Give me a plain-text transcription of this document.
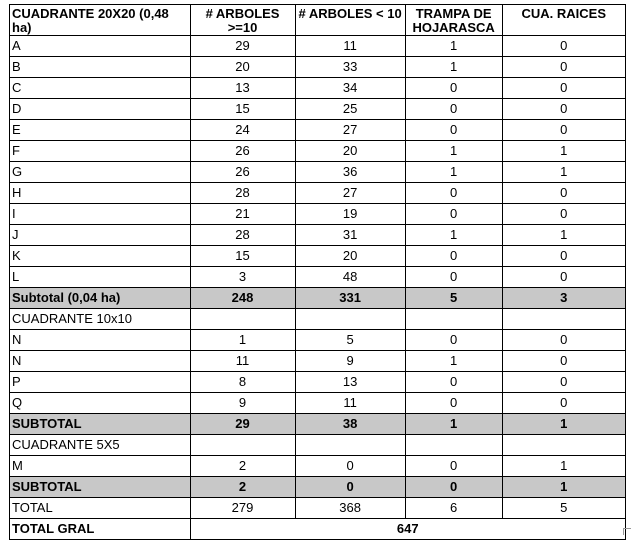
CUADRANTE 20X20 (0,48 ha)	# ARBOLES >=10	# ARBOLES < 10	TRAMPA DE HOJARASCA	CUA. RAICES
A	29	11	1	0
B	20	33	1	0
C	13	34	0	0
D	15	25	0	0
E	24	27	0	0
F	26	20	1	1
G	26	36	1	1
H	28	27	0	0
I	21	19	0	0
J	28	31	1	1
K	15	20	0	0
L	3	48	0	0
Subtotal (0,04 ha)	248	331	5	3
CUADRANTE 10x10				
N	1	5	0	0
N	11	9	1	0
P	8	13	0	0
Q	9	11	0	0
SUBTOTAL	29	38	1	1
CUADRANTE 5X5				
M	2	0	0	1
SUBTOTAL	2	0	0	1
TOTAL	279	368	6	5
TOTAL GRAL	647			
